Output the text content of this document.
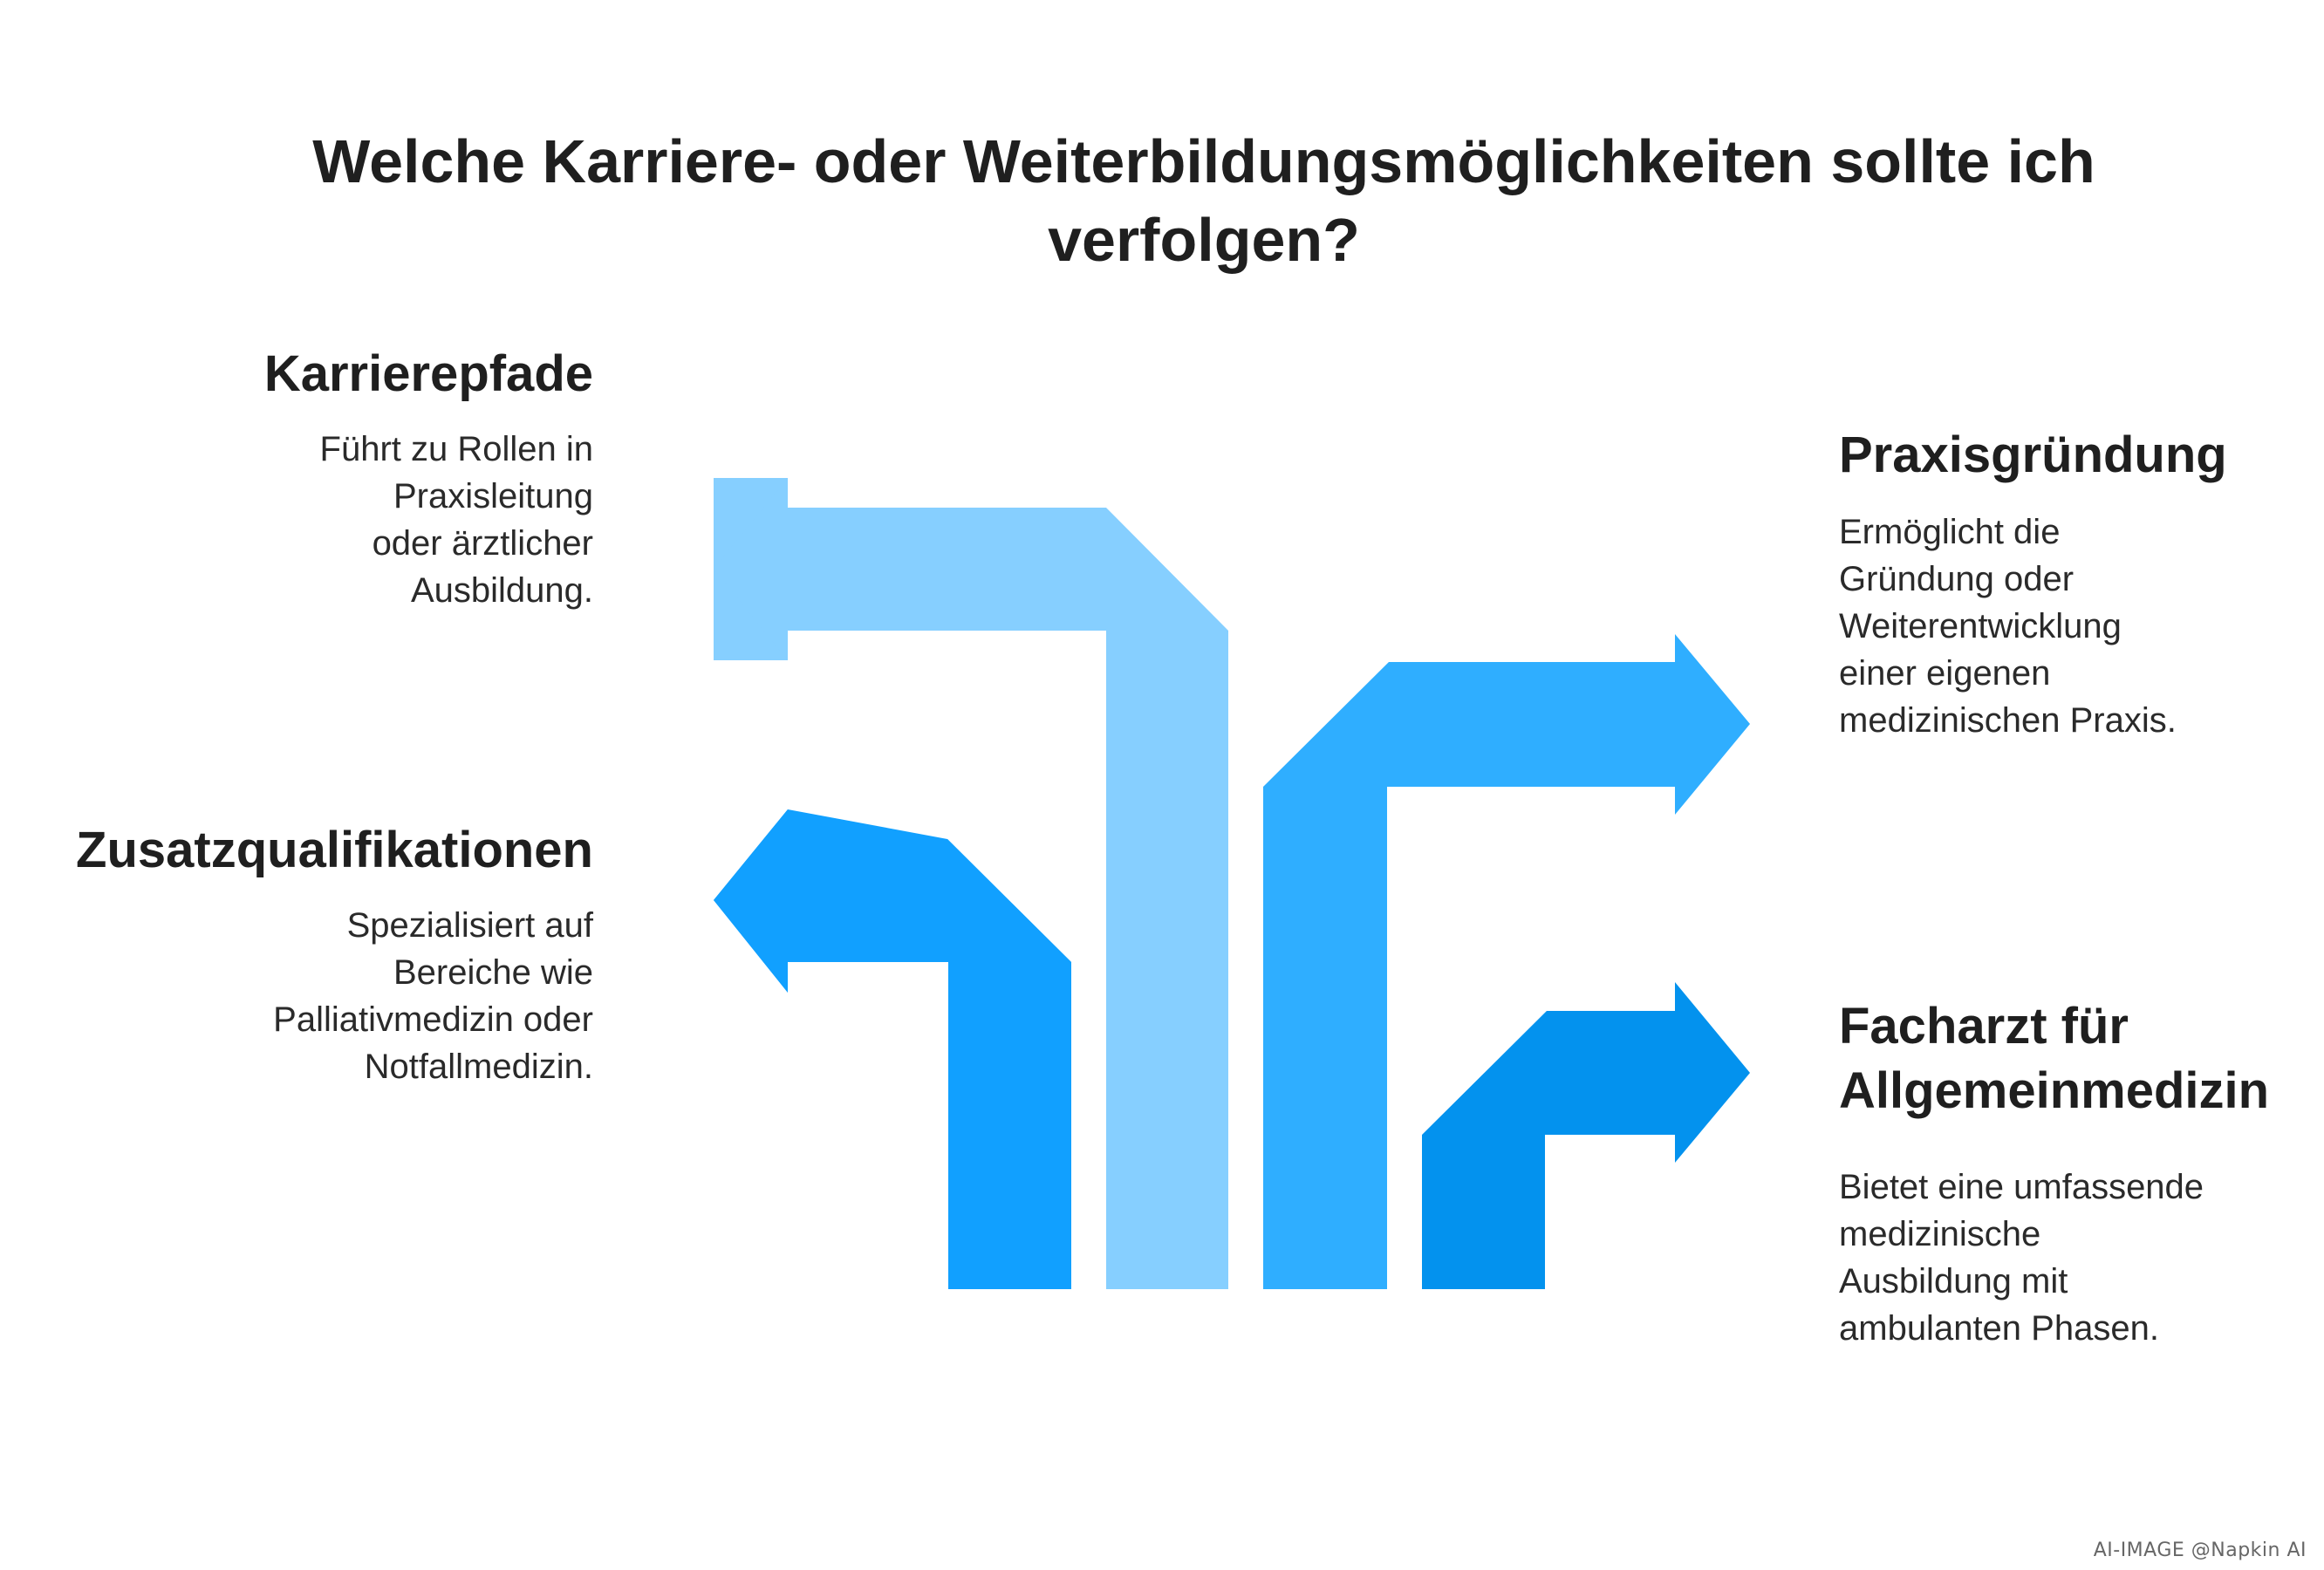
Welche Karriere- oder Weiterbildungsmöglichkeiten sollte ich verfolgen?
Karrierepfade

Führt zu Rollen in Praxisleitung oder ärztlicher Ausbildung.

Zusatzqualifikationen

Spezialisiert auf Bereiche wie Palliativmedizin oder Notfallmedizin.

Praxisgründung

Ermöglicht die Gründung oder Weiterentwicklung einer eigenen medizinischen Praxis.

Facharzt für Allgemeinmedizin

Bietet eine umfassende medizinische Ausbildung mit ambulanten Phasen.

AI-IMAGE @Napkin AI
